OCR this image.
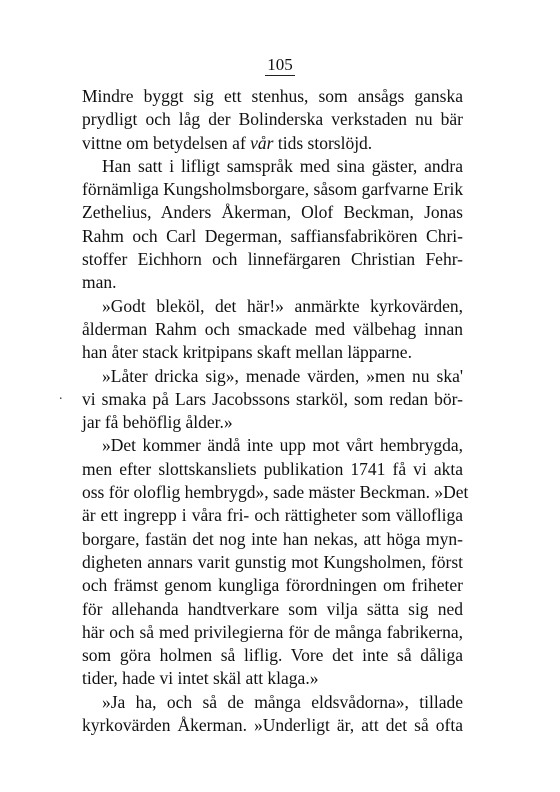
105
.
Mindre byggt sig ett stenhus, som ansågs ganska
prydligt och låg der Bolinderska verkstaden nu bär
vittne om betydelsen af vår tids storslöjd.
Han satt i lifligt samspråk med sina gäster, andra
förnämliga Kungsholmsborgare, såsom garfvarne Erik
Zethelius, Anders Åkerman, Olof Beckman, Jonas
Rahm och Carl Degerman, saffiansfabrikören Chri-
stoffer Eichhorn och linnefärgaren Christian Fehr-
man.
»Godt bleköl, det här!» anmärkte kyrkovärden,
ålderman Rahm och smackade med välbehag innan
han åter stack kritpipans skaft mellan läpparne.
»Låter dricka sig», menade värden, »men nu ska'
vi smaka på Lars Jacobssons starköl, som redan bör-
jar få behöflig ålder.»
»Det kommer ändå inte upp mot vårt hembrygda,
men efter slottskansliets publikation 1741 få vi akta
oss för oloflig hembrygd», sade mäster Beckman. »Det
är ett ingrepp i våra fri- och rättigheter som vällofliga
borgare, fastän det nog inte han nekas, att höga myn-
digheten annars varit gunstig mot Kungsholmen, först
och främst genom kungliga förordningen om friheter
för allehanda handtverkare som vilja sätta sig ned
här och så med privilegierna för de många fabrikerna,
som göra holmen så liflig. Vore det inte så dåliga
tider, hade vi intet skäl att klaga.»
»Ja ha, och så de många eldsvådorna», tillade
kyrkovärden Åkerman. »Underligt är, att det så ofta
